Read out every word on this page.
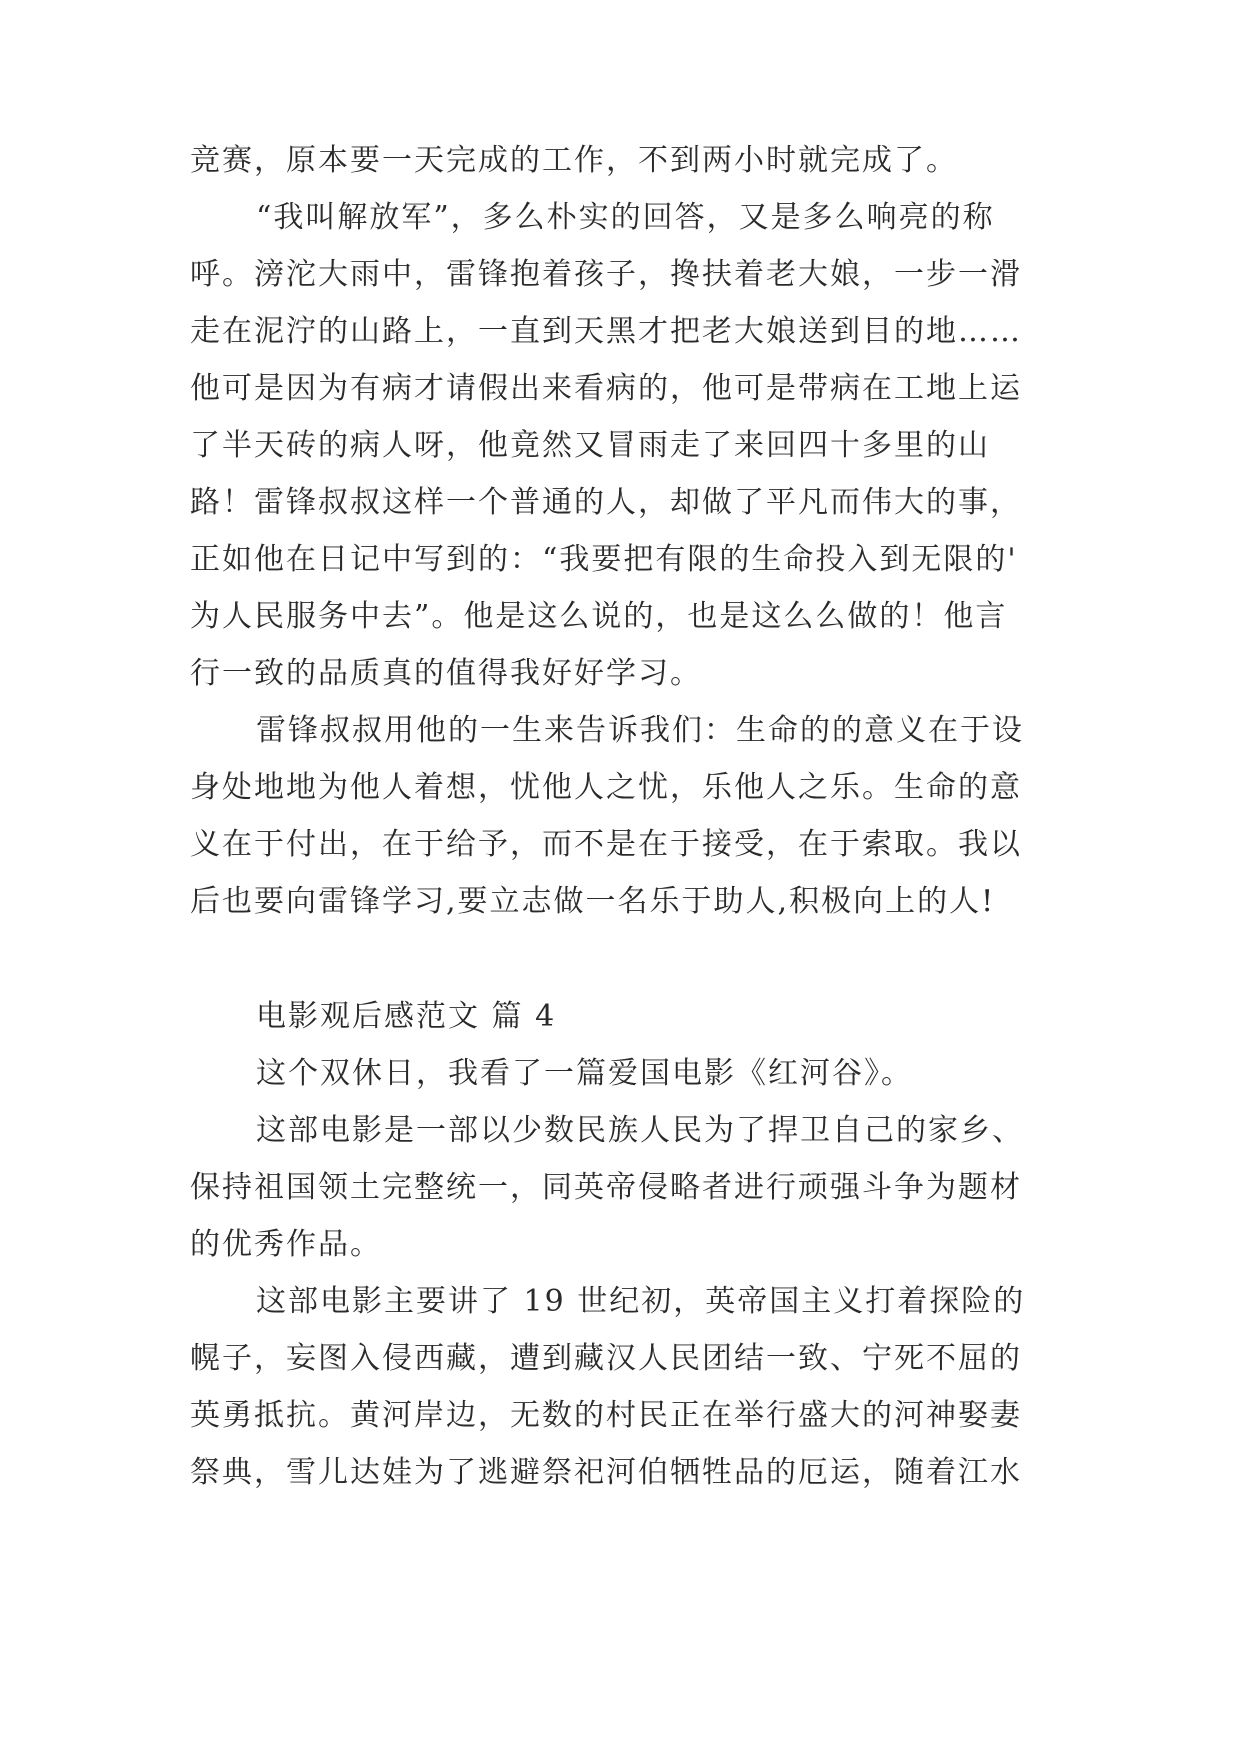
竞赛，原本要一天完成的工作，不到两小时就完成了。
“我叫解放军”，多么朴实的回答，又是多么响亮的称
呼。滂沱大雨中，雷锋抱着孩子，搀扶着老大娘，一步一滑
走在泥泞的山路上，一直到天黑才把老大娘送到目的地……
他可是因为有病才请假出来看病的，他可是带病在工地上运
了半天砖的病人呀，他竟然又冒雨走了来回四十多里的山
路！雷锋叔叔这样一个普通的人，却做了平凡而伟大的事，
正如他在日记中写到的：“我要把有限的生命投入到无限的'
为人民服务中去”。他是这么说的，也是这么么做的！他言
行一致的品质真的值得我好好学习。
雷锋叔叔用他的一生来告诉我们：生命的的意义在于设
身处地地为他人着想，忧他人之忧，乐他人之乐。生命的意
义在于付出，在于给予，而不是在于接受，在于索取。我以
后也要向雷锋学习,要立志做一名乐于助人,积极向上的人!
电影观后感范文 篇 4
这个双休日，我看了一篇爱国电影《红河谷》。
这部电影是一部以少数民族人民为了捍卫自己的家乡、
保持祖国领土完整统一，同英帝侵略者进行顽强斗争为题材
的优秀作品。
这部电影主要讲了 19 世纪初，英帝国主义打着探险的
幌子，妄图入侵西藏，遭到藏汉人民团结一致、宁死不屈的
英勇抵抗。黄河岸边，无数的村民正在举行盛大的河神娶妻
祭典，雪儿达娃为了逃避祭祀河伯牺牲品的厄运，随着江水
